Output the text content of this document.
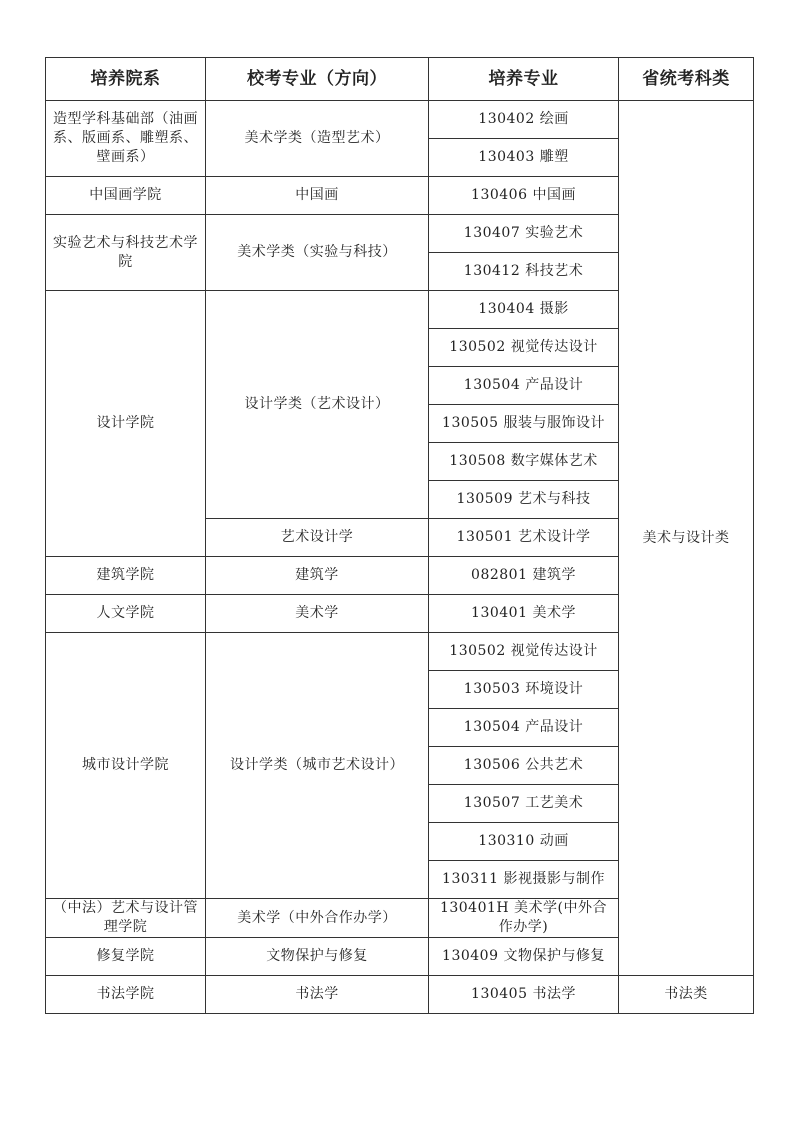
培养院系	校考专业（方向）	培养专业	省统考科类

造型学科基础部（油画系、版画系、雕塑系、壁画系）	美术学类（造型艺术）	130402 绘画	美术与设计类
		130403 雕塑	
中国画学院	中国画	130406 中国画	

实验艺术与科技艺术学院	美术学类（实验与科技）	130407 实验艺术	
		130412 科技艺术	
设计学院	设计学类（艺术设计）	130404 摄影	
		130502 视觉传达设计	
		130504 产品设计	
		130505 服装与服饰设计	
		130508 数字媒体艺术	
		130509 艺术与科技	
	艺术设计学	130501 艺术设计学	
建筑学院	建筑学	082801 建筑学	
人文学院	美术学	130401 美术学	
城市设计学院	设计学类（城市艺术设计）	130502 视觉传达设计	
		130503 环境设计	
		130504 产品设计	
		130506 公共艺术	
		130507 工艺美术	
		130310 动画	
		130311 影视摄影与制作	

（中法）艺术与设计管理学院	美术学（中外合作办学）	130401H 美术学(中外合作办学)	

修复学院	文物保护与修复	130409 文物保护与修复	
书法学院	书法学	130405 书法学	书法类
